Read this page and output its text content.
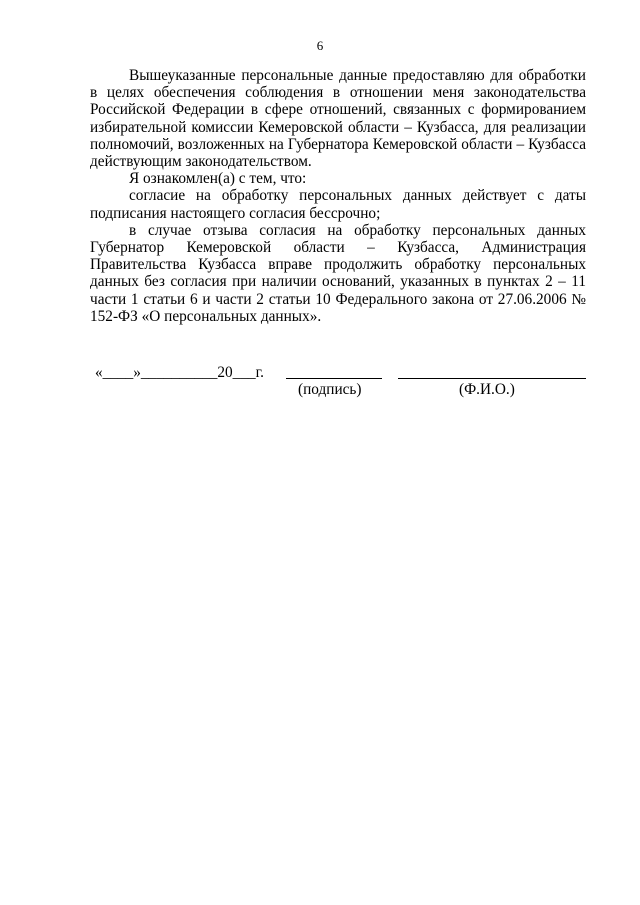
6

Вышеуказанные персональные данные предоставляю для обработки в целях обеспечения соблюдения в отношении меня законодательства Российской Федерации в сфере отношений, связанных с формированием избирательной комиссии Кемеровской области – Кузбасса, для реализации полномочий, возложенных на Губернатора Кемеровской области – Кузбасса действующим законодательством.

Я ознакомлен(а) с тем, что:

согласие на обработку персональных данных действует с даты подписания настоящего согласия бессрочно;

в случае отзыва согласия на обработку персональных данных Губернатор Кемеровской области – Кузбасса, Администрация Правительства Кузбасса вправе продолжить обработку персональных данных без согласия при наличии оснований, указанных в пунктах 2 – 11 части 1 статьи 6 и части 2 статьи 10 Федерального закона от 27.06.2006 № 152-ФЗ «О персональных данных».

«____»__________20___г.
(подпись)	(Ф.И.О.)
